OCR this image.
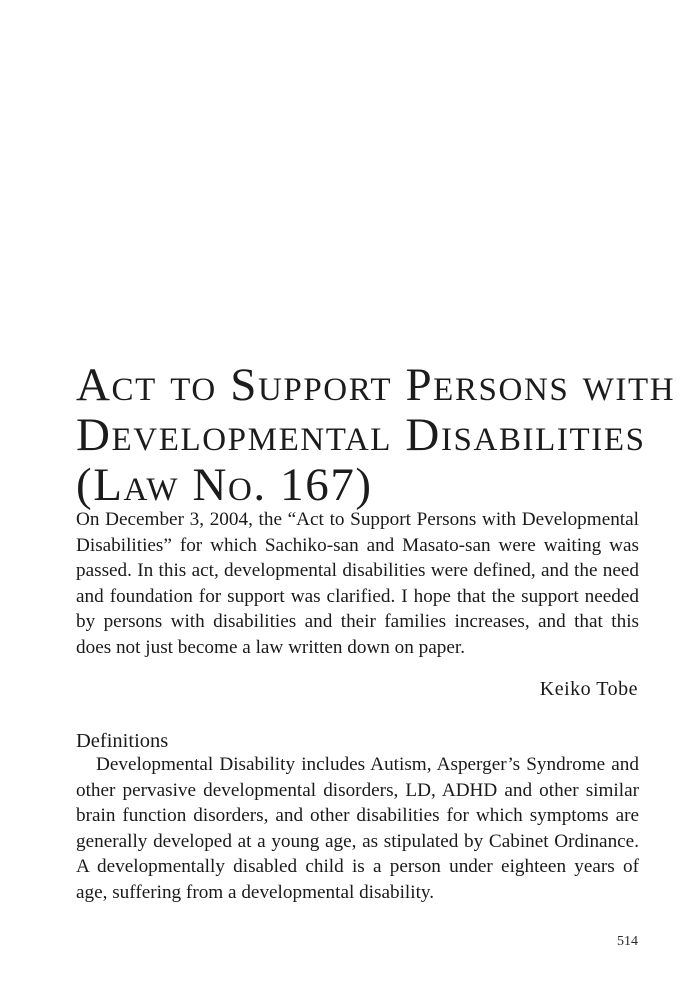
Act to Support Persons with
Developmental Disabilities
(Law No. 167)

On December 3, 2004, the “Act to Support Persons with Developmental Disabilities” for which Sachiko-san and Masato-san were waiting was passed. In this act, developmental disabilities were defined, and the need and foundation for support was clarified. I hope that the support needed by persons with disabilities and their families increases, and that this does not just become a law written down on paper.

Keiko Tobe
Definitions

Developmental Disability includes Autism, Asperger’s Syndrome and other pervasive developmental disorders, LD, ADHD and other similar brain function disorders, and other disabilities for which symptoms are generally developed at a young age, as stipulated by Cabinet Ordinance. A developmentally disabled child is a person under eighteen years of age, suffering from a developmental disability.

514
